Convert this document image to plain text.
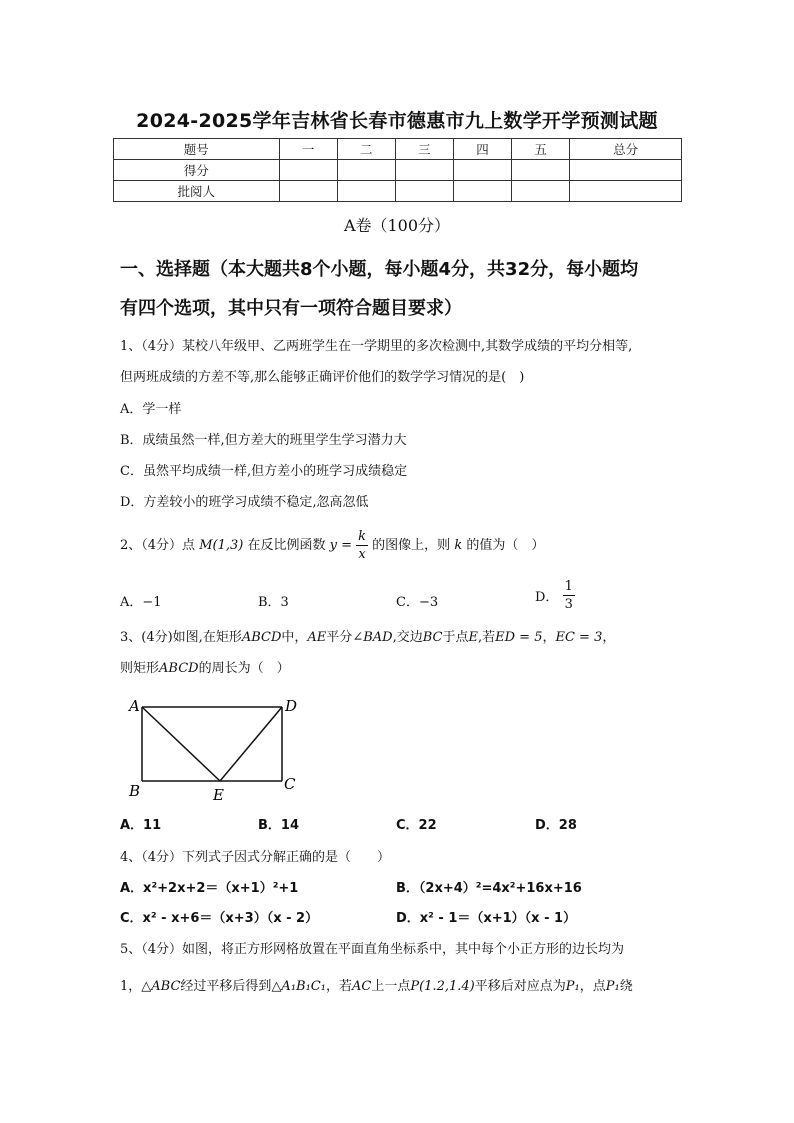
2024-2025学年吉林省长春市德惠市九上数学开学预测试题
题号	一	二	三	四	五	总分
得分						
批阅人						
A卷（100分）
一、选择题（本大题共8个小题，每小题4分，共32分，每小题均
有四个选项，其中只有一项符合题目要求）
1、（4分）某校八年级甲、乙两班学生在一学期里的多次检测中,其数学成绩的平均分相等,
但两班成绩的方差不等,那么能够正确评价他们的数学学习情况的是(　)
A．学一样
B．成绩虽然一样,但方差大的班里学生学习潜力大
C．虽然平均成绩一样,但方差小的班学习成绩稳定
D．方差较小的班学习成绩不稳定,忽高忽低
2、（4分）点 M(1,3) 在反比例函数 $y = \frac{k}{x}$ 的图像上，则 k 的值为（　）
A．−1	B．3	C．−3	D． $\frac{1}{3}$
3、(4分)如图,在矩形ABCD中，AE平分∠BAD,交边BC于点E,若ED = 5，EC = 3，
则矩形ABCD的周长为（　）
A	D
B	E
C
A．11	B．14	C．22	D．28
4、（4分）下列式子因式分解正确的是（　　）
A．x²+2x+2＝（x+1）²+1	B．（2x+4）²=4x²+16x+16
C．x² - x+6＝（x+3）（x - 2）	D．x² - 1＝（x+1）（x - 1）
5、（4分）如图，将正方形网格放置在平面直角坐标系中，其中每个小正方形的边长均为
1，△ABC经过平移后得到△A₁B₁C₁，若AC上一点P(1.2,1.4)平移后对应点为P₁，点P₁绕
